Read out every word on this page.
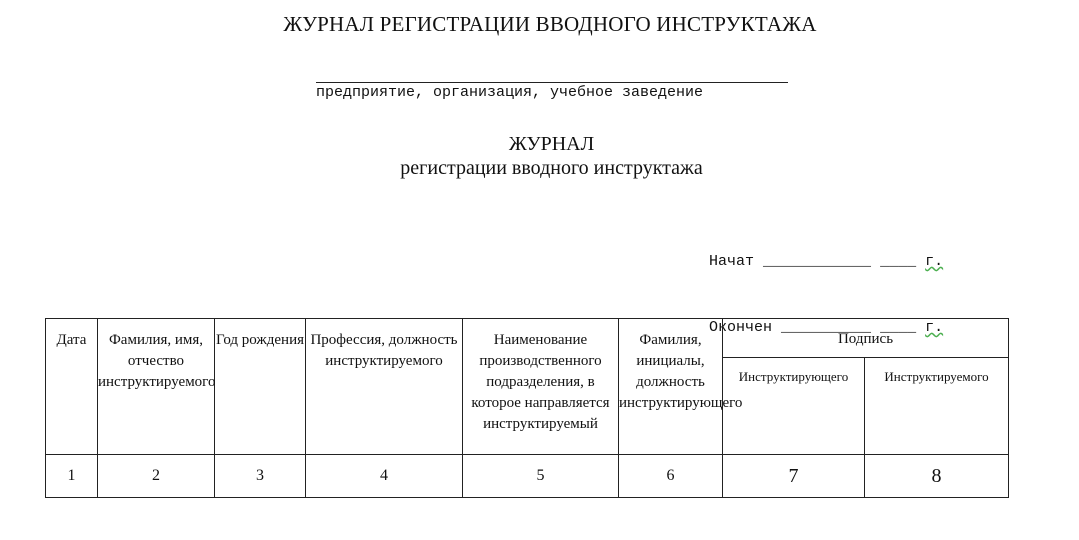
ЖУРНАЛ РЕГИСТРАЦИИ ВВОДНОГО ИНСТРУКТАЖА
предприятие, организация, учебное заведение
ЖУРНАЛ
регистрации вводного инструктажа

Начат ____________ ____ г.

Окончен __________ ____ г.

Дата	Фамилия, имя, отчество инструктируемого	Год рождения	Профессия, должность инструктируемого	Наименование производственного подразделения, в которое направляется инструктируемый	Фамилия, инициалы, должность инструктирующего	Подпись	
						Инструктирующего	Инструктируемого
1	2	3	4	5	6	7	8
